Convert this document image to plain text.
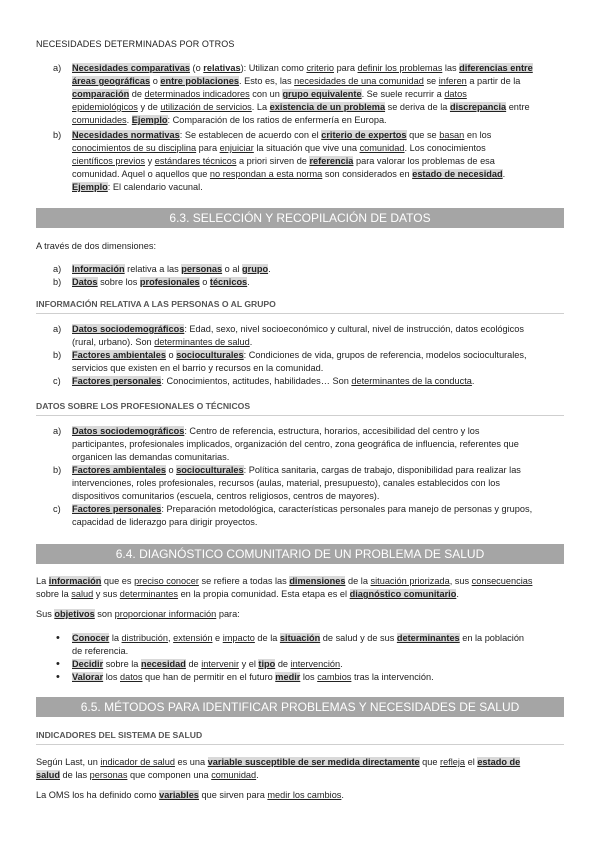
NECESIDADES DETERMINADAS POR OTROS
a) Necesidades comparativas (o relativas): Utilizan como criterio para definir los problemas las diferencias entre
áreas geográficas o entre poblaciones. Esto es, las necesidades de una comunidad se inferen a partir de la
comparación de determinados indicadores con un grupo equivalente. Se suele recurrir a datos
epidemiológicos y de utilización de servicios. La existencia de un problema se deriva de la discrepancia entre
comunidades. Ejemplo: Comparación de los ratios de enfermería en Europa.
b) Necesidades normativas: Se establecen de acuerdo con el criterio de expertos que se basan en los
conocimientos de su disciplina para enjuiciar la situación que vive una comunidad. Los conocimientos
científicos previos y estándares técnicos a priori sirven de referencia para valorar los problemas de esa
comunidad. Aquel o aquellos que no respondan a esta norma son considerados en estado de necesidad.
Ejemplo: El calendario vacunal.
6.3. SELECCIÓN Y RECOPILACIÓN DE DATOS
A través de dos dimensiones:
a) Información relativa a las personas o al grupo.
b) Datos sobre los profesionales o técnicos.
INFORMACIÓN RELATIVA A LAS PERSONAS O AL GRUPO
a) Datos sociodemográficos: Edad, sexo, nivel socioeconómico y cultural, nivel de instrucción, datos ecológicos
(rural, urbano). Son determinantes de salud.
b) Factores ambientales o socioculturales: Condiciones de vida, grupos de referencia, modelos socioculturales,
servicios que existen en el barrio y recursos en la comunidad.
c) Factores personales: Conocimientos, actitudes, habilidades… Son determinantes de la conducta.
DATOS SOBRE LOS PROFESIONALES O TÉCNICOS
a) Datos sociodemográficos: Centro de referencia, estructura, horarios, accesibilidad del centro y los
participantes, profesionales implicados, organización del centro, zona geográfica de influencia, referentes que
organicen las demandas comunitarias.
b) Factores ambientales o socioculturales: Política sanitaria, cargas de trabajo, disponibilidad para realizar las
intervenciones, roles profesionales, recursos (aulas, material, presupuesto), canales establecidos con los
dispositivos comunitarios (escuela, centros religiosos, centros de mayores).
c) Factores personales: Preparación metodológica, características personales para manejo de personas y grupos,
capacidad de liderazgo para dirigir proyectos.
6.4. DIAGNÓSTICO COMUNITARIO DE UN PROBLEMA DE SALUD
La información que es preciso conocer se refiere a todas las dimensiones de la situación priorizada, sus consecuencias
sobre la salud y sus determinantes en la propia comunidad. Esta etapa es el diagnóstico comunitario.
Sus objetivos son proporcionar información para:
• Conocer la distribución, extensión e impacto de la situación de salud y de sus determinantes en la población
de referencia.
• Decidir sobre la necesidad de intervenir y el tipo de intervención.
• Valorar los datos que han de permitir en el futuro medir los cambios tras la intervención.
6.5. MÉTODOS PARA IDENTIFICAR PROBLEMAS Y NECESIDADES DE SALUD
INDICADORES DEL SISTEMA DE SALUD
Según Last, un indicador de salud es una variable susceptible de ser medida directamente que refleja el estado de
salud de las personas que componen una comunidad.
La OMS los ha definido como variables que sirven para medir los cambios.
